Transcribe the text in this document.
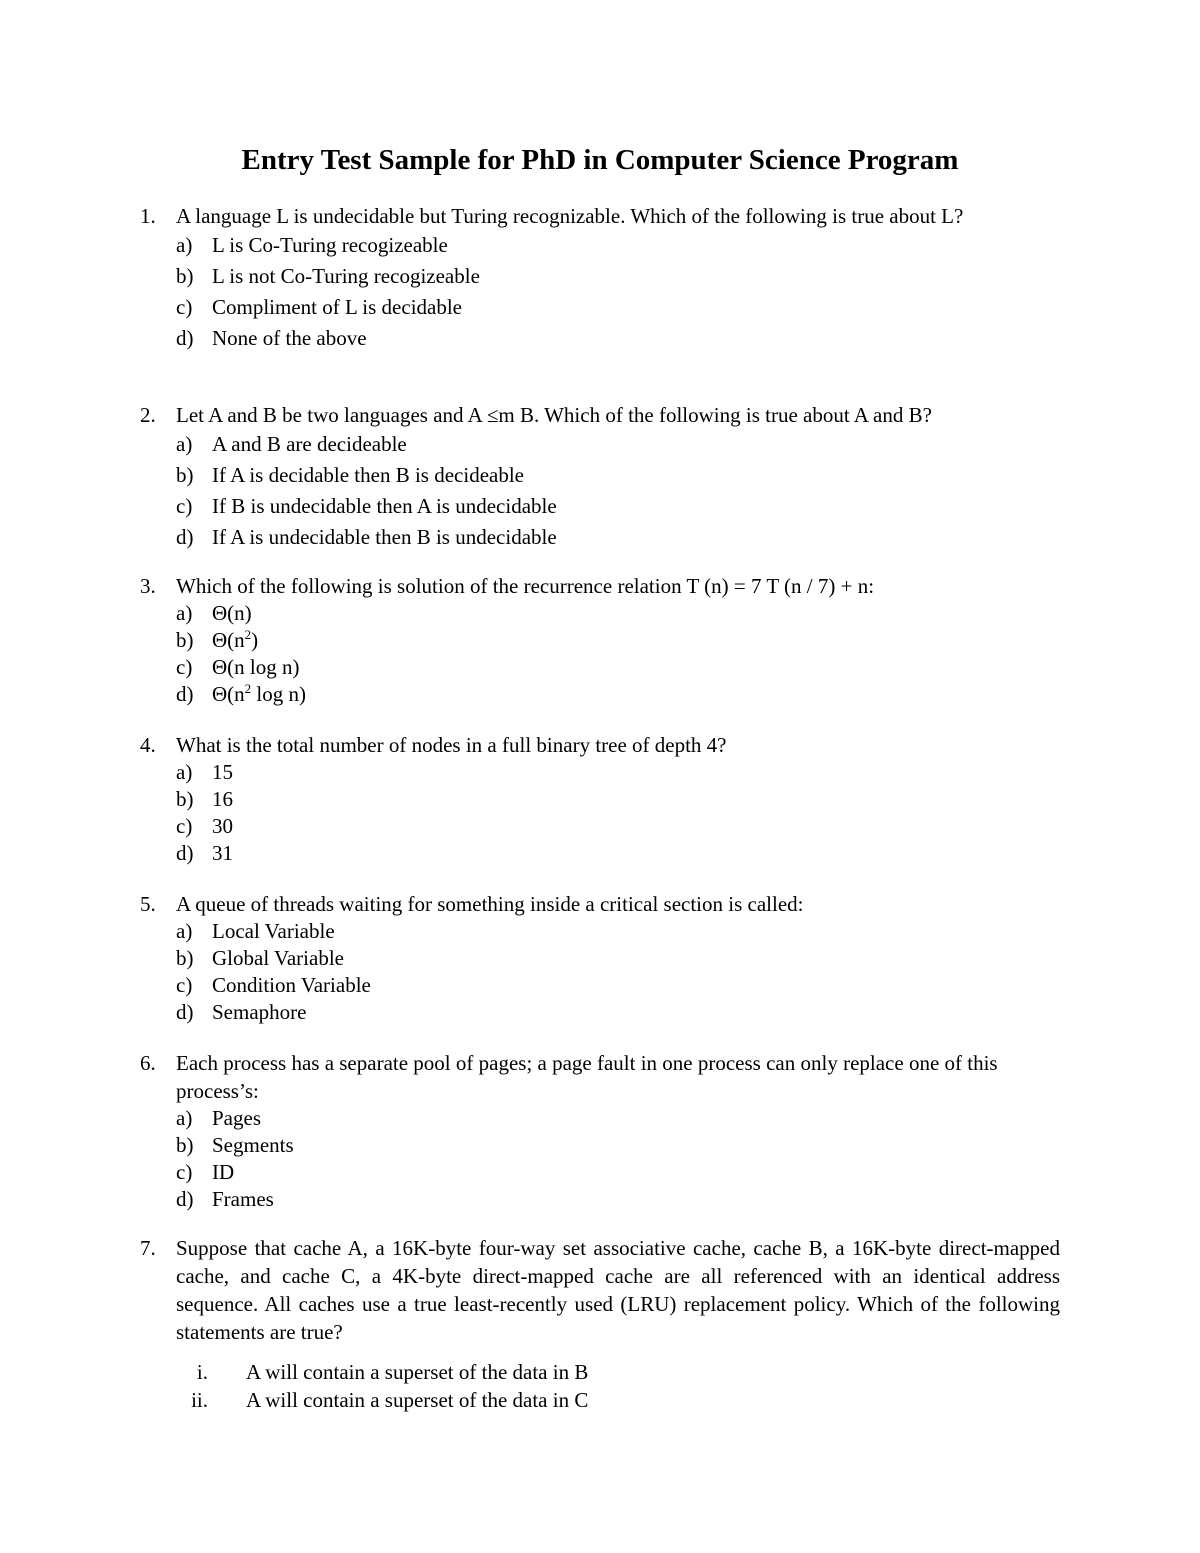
Entry Test Sample for PhD in Computer Science Program
1. A language L is undecidable but Turing recognizable. Which of the following is true about L?
a) L is Co-Turing recogizeable
b) L is not Co-Turing recogizeable
c) Compliment of L is decidable
d) None of the above
2. Let A and B be two languages and A ≤m B. Which of the following is true about A and B?
a) A and B are decideable
b) If A is decidable then B is decideable
c) If B is undecidable then A is undecidable
d) If A is undecidable then B is undecidable
3. Which of the following is solution of the recurrence relation T (n) = 7 T (n / 7) + n:
a) Θ(n)
b) $\Theta(n^2)$
c) Θ(n log n)
d) $\Theta(n^2$ log n)
4. What is the total number of nodes in a full binary tree of depth 4?
a) 15
b) 16
c) 30
d) 31
5. A queue of threads waiting for something inside a critical section is called:
a) Local Variable
b) Global Variable
c) Condition Variable
d) Semaphore
6. Each process has a separate pool of pages; a page fault in one process can only replace one of this process’s:
a) Pages
b) Segments
c) ID
d) Frames
7. Suppose that cache A, a 16K-byte four-way set associative cache, cache B, a 16K-byte direct-mapped cache, and cache C, a 4K-byte direct-mapped cache are all referenced with an identical address sequence. All caches use a true least-recently used (LRU) replacement policy. Which of the following statements are true?
i.	A will contain a superset of the data in B
ii.	A will contain a superset of the data in C
